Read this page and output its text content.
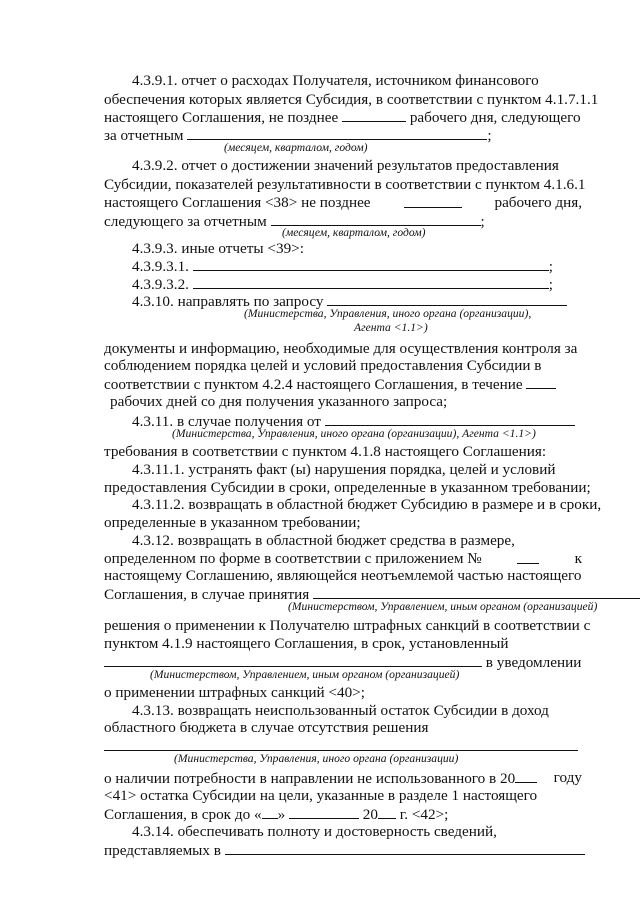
4.3.9.1. отчет о расходах Получателя, источником финансового
обеспечения которых является Субсидия, в соответствии с пунктом 4.1.7.1.1
настоящего Соглашения, не позднее	рабочего дня, следующего
за отчетным	;
(месяцем, кварталом, годом)
4.3.9.2. отчет о достижении значений результатов предоставления
Субсидии, показателей результативности в соответствии с пунктом 4.1.6.1
настоящего Соглашения <38> не позднее	рабочего дня,
следующего за отчетным	;
(месяцем, кварталом, годом)
4.3.9.3. иные отчеты <39>:
4.3.9.3.1.	;
4.3.9.3.2.	;
4.3.10. направлять по запросу
(Министерства, Управления, иного органа (организации),
Агента <1.1>)
документы и информацию, необходимые для осуществления контроля за
соблюдением порядка целей и условий предоставления Субсидии в
соответствии с пунктом 4.2.4 настоящего Соглашения, в течение
рабочих дней со дня получения указанного запроса;
4.3.11. в случае получения от
(Министерства, Управления, иного органа (организации), Агента <1.1>)
требования в соответствии с пунктом 4.1.8 настоящего Соглашения:
4.3.11.1. устранять факт (ы) нарушения порядка, целей и условий
предоставления Субсидии в сроки, определенные в указанном требовании;
4.3.11.2. возвращать в областной бюджет Субсидию в размере и в сроки,
определенные в указанном требовании;
4.3.12. возвращать в областной бюджет средства в размере,
определенном по форме в соответствии с приложением №	к
настоящему Соглашению, являющейся неотъемлемой частью настоящего
Соглашения, в случае принятия
(Министерством, Управлением, иным органом (организацией)
решения о применении к Получателю штрафных санкций в соответствии с
пунктом 4.1.9 настоящего Соглашения, в срок, установленный
в уведомлении
(Министерством, Управлением, иным органом (организацией)
о применении штрафных санкций <40>;
4.3.13. возвращать неиспользованный остаток Субсидии в доход
областного бюджета в случае отсутствия решения
(Министерства, Управления, иного органа (организации)
о наличии потребности в направлении не использованного в 20	году
<41> остатка Субсидии на цели, указанные в разделе 1 настоящего
Соглашения, в срок до « »	20 г. <42>;
4.3.14. обеспечивать полноту и достоверность сведений,
представляемых в
